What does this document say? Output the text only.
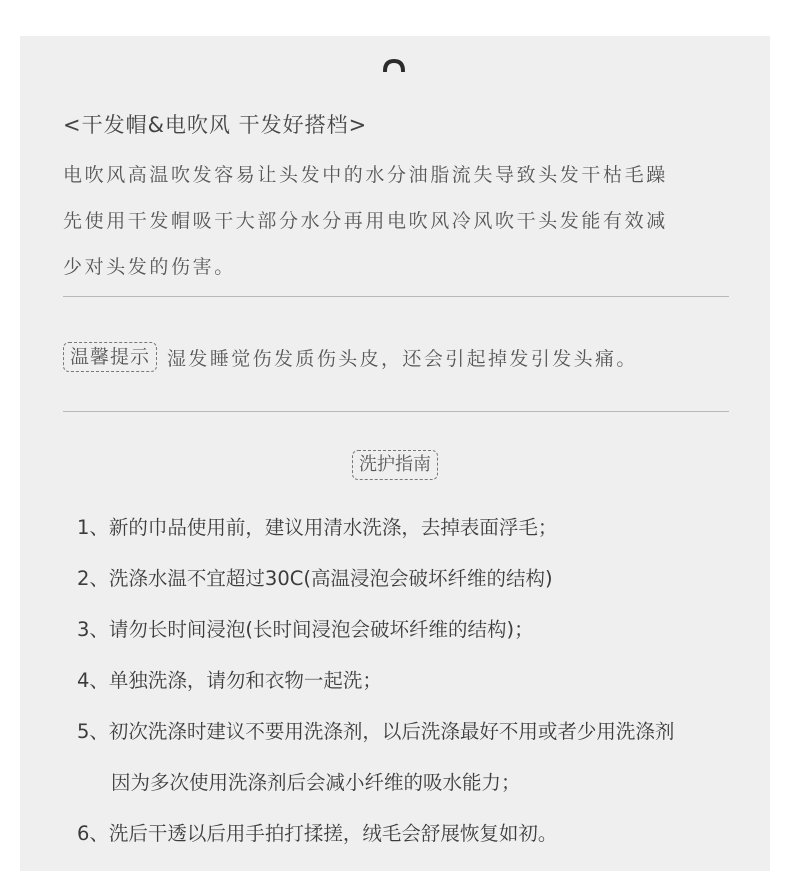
<干发帽&电吹风 干发好搭档>
电吹风高温吹发容易让头发中的水分油脂流失导致头发干枯毛躁
先使用干发帽吸干大部分水分再用电吹风冷风吹干头发能有效减
少对头发的伤害。
温馨提示 湿发睡觉伤发质伤头皮，还会引起掉发引发头痛。
洗护指南
1、新的巾品使用前，建议用清水洗涤，去掉表面浮毛；
2、洗涤水温不宜超过30C(高温浸泡会破坏纤维的结构)
3、请勿长时间浸泡(长时间浸泡会破坏纤维的结构)；
4、单独洗涤，请勿和衣物一起洗；
5、初次洗涤时建议不要用洗涤剂，以后洗涤最好不用或者少用洗涤剂
因为多次使用洗涤剂后会减小纤维的吸水能力；
6、洗后干透以后用手拍打揉搓，绒毛会舒展恢复如初。
